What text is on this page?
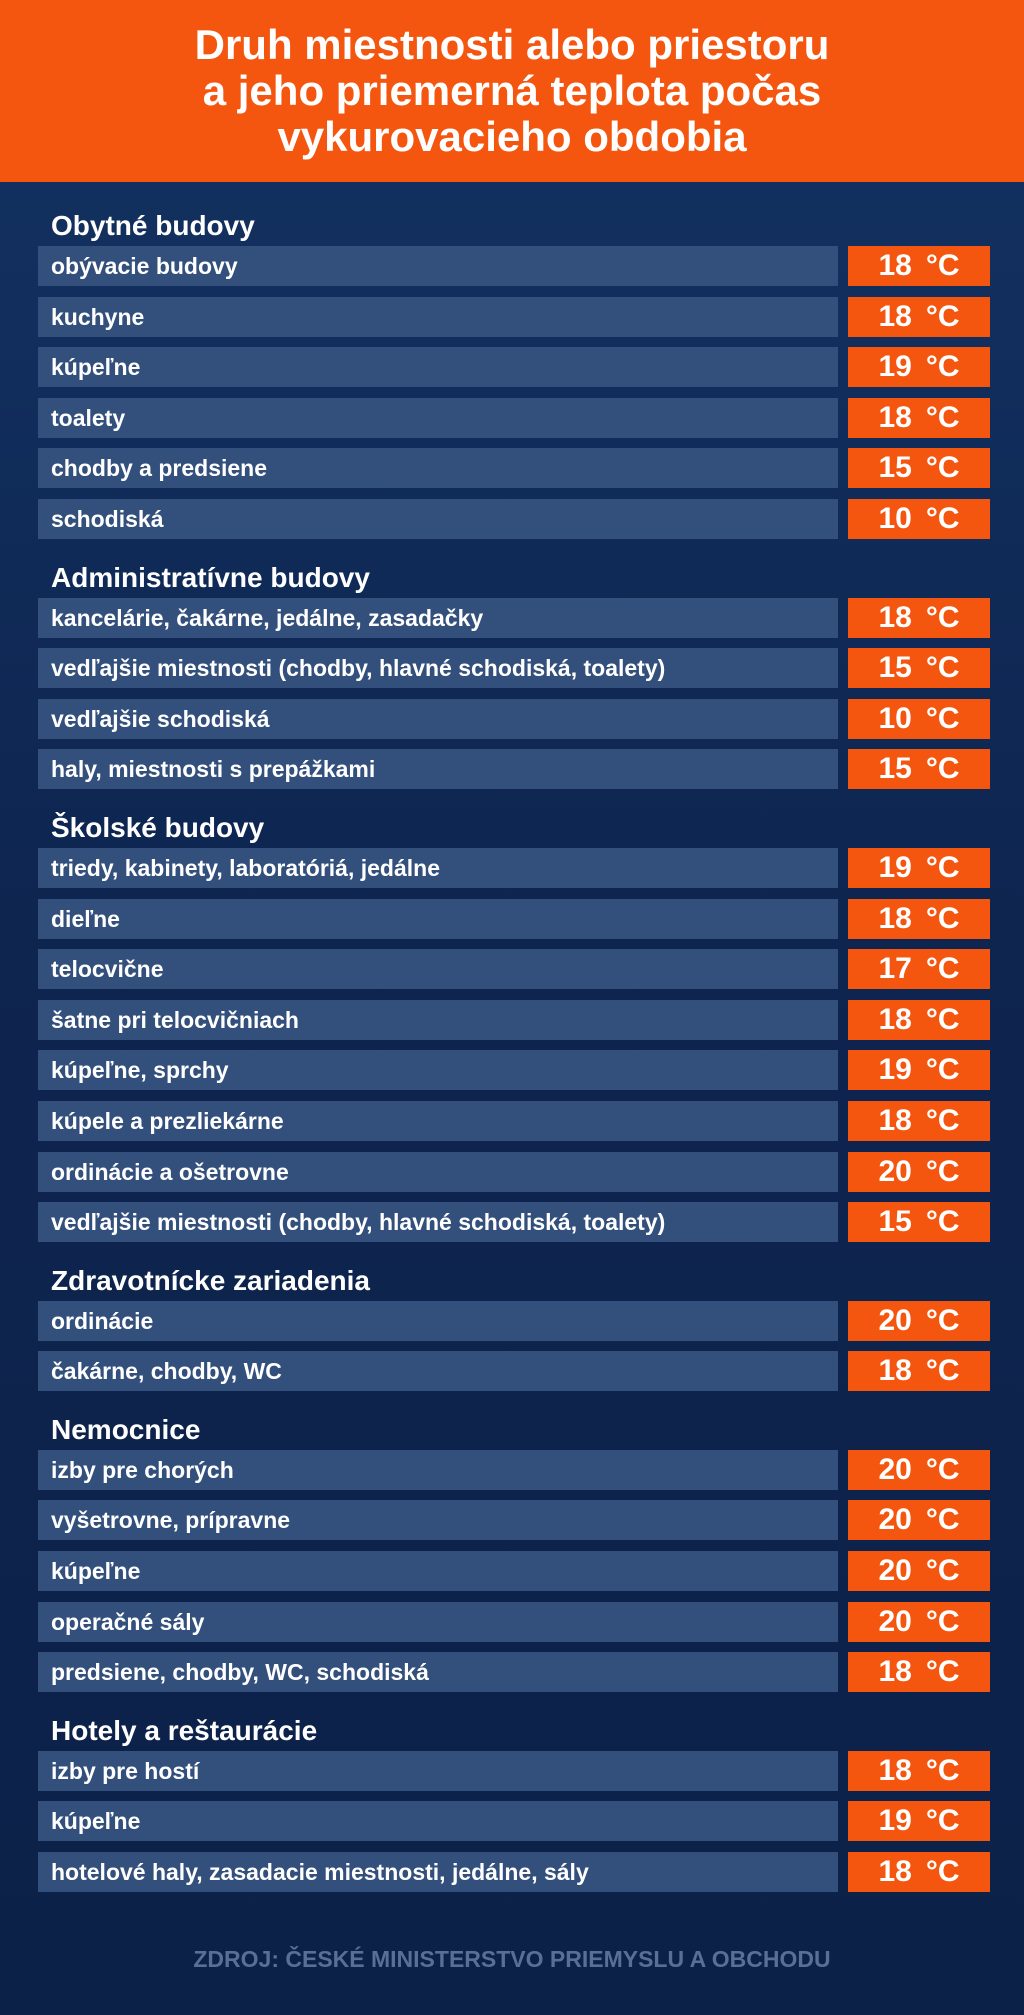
Druh miestnosti alebo priestoru
a jeho priemerná teplota počas
vykurovacieho obdobia
Obytné budovy
obývacie budovy	18 °C
kuchyne	18 °C
kúpeľne	19 °C
toalety	18 °C
chodby a predsiene	15 °C
schodiská	10 °C
Administratívne budovy
kancelárie, čakárne, jedálne, zasadačky	18 °C
vedľajšie miestnosti (chodby, hlavné schodiská, toalety)	15 °C
vedľajšie schodiská	10 °C
haly, miestnosti s prepážkami	15 °C
Školské budovy
triedy, kabinety, laboratóriá, jedálne	19 °C
dieľne	18 °C
telocvične	17 °C
šatne pri telocvičniach	18 °C
kúpeľne, sprchy	19 °C
kúpele a prezliekárne	18 °C
ordinácie a ošetrovne	20 °C
vedľajšie miestnosti (chodby, hlavné schodiská, toalety)	15 °C
Zdravotnícke zariadenia
ordinácie	20 °C
čakárne, chodby, WC	18 °C
Nemocnice
izby pre chorých	20 °C
vyšetrovne, prípravne	20 °C
kúpeľne	20 °C
operačné sály	20 °C
predsiene, chodby, WC, schodiská	18 °C
Hotely a reštaurácie
izby pre hostí	18 °C
kúpeľne	19 °C
hotelové haly, zasadacie miestnosti, jedálne, sály	18 °C
ZDROJ: ČESKÉ MINISTERSTVO PRIEMYSLU A OBCHODU
